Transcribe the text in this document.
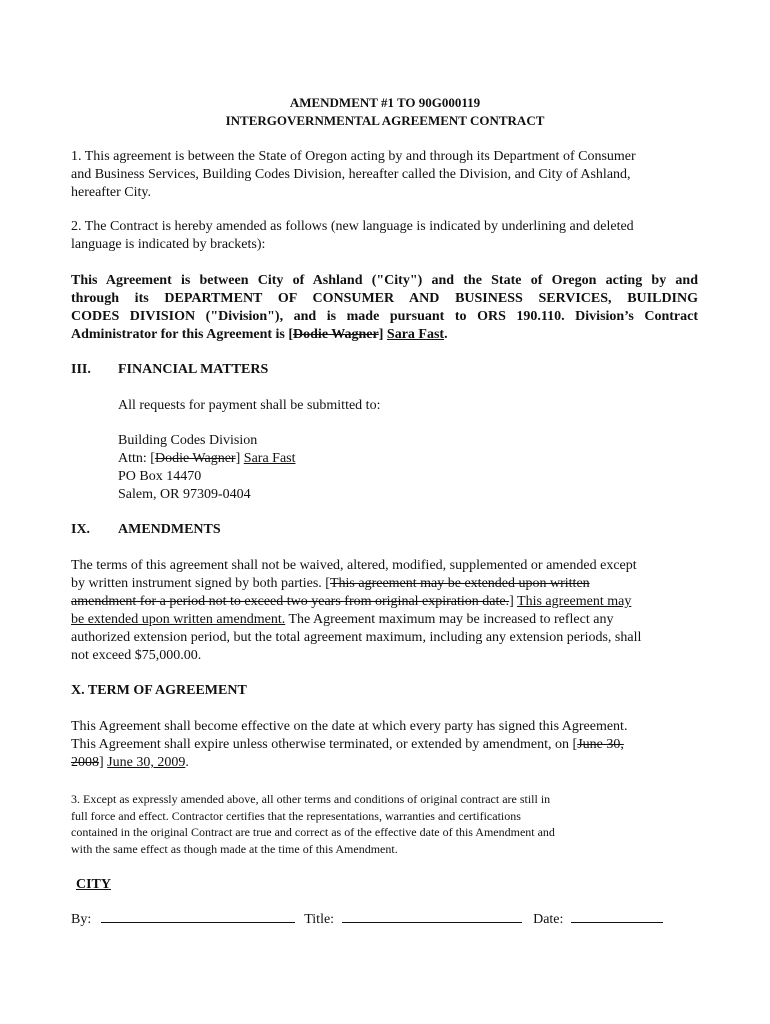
AMENDMENT #1 TO 90G000119
INTERGOVERNMENTAL AGREEMENT CONTRACT
1. This agreement is between the State of Oregon acting by and through its Department of Consumer
and Business Services, Building Codes Division, hereafter called the Division, and City of Ashland,
hereafter City.
2. The Contract is hereby amended as follows (new language is indicated by underlining and deleted
language is indicated by brackets):
This Agreement is between City of Ashland ("City") and the State of Oregon acting by and
through its DEPARTMENT OF CONSUMER AND BUSINESS SERVICES, BUILDING
CODES DIVISION ("Division"), and is made pursuant to ORS 190.110. Division’s Contract
Administrator for this Agreement is [Dodie Wagner] Sara Fast.
III. FINANCIAL MATTERS
All requests for payment shall be submitted to:
Building Codes Division
Attn: [Dodie Wagner] Sara Fast
PO Box 14470
Salem, OR 97309-0404
IX. AMENDMENTS
The terms of this agreement shall not be waived, altered, modified, supplemented or amended except
by written instrument signed by both parties. [This agreement may be extended upon written
amendment for a period not to exceed two years from original expiration date.] This agreement may
be extended upon written amendment. The Agreement maximum may be increased to reflect any
authorized extension period, but the total agreement maximum, including any extension periods, shall
not exceed $75,000.00.
X. TERM OF AGREEMENT
This Agreement shall become effective on the date at which every party has signed this Agreement.
This Agreement shall expire unless otherwise terminated, or extended by amendment, on [June 30,
2008] June 30, 2009.
3. Except as expressly amended above, all other terms and conditions of original contract are still in
full force and effect. Contractor certifies that the representations, warranties and certifications
contained in the original Contract are true and correct as of the effective date of this Amendment and
with the same effect as though made at the time of this Amendment.
CITY
By:	Title:	Date:
